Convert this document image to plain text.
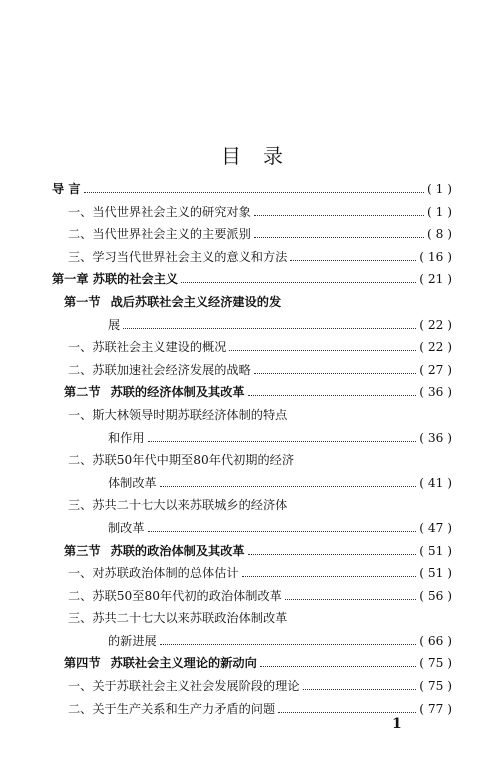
目录
导 言	( 1 )
一、当代世界社会主义的研究对象	( 1 )
二、当代世界社会主义的主要派别	( 8 )
三、学习当代世界社会主义的意义和方法	( 16 )
第一章 苏联的社会主义	( 21 )
第一节 战后苏联社会主义经济建设的发
展	( 22 )
一、苏联社会主义建设的概况	( 22 )
二、苏联加速社会经济发展的战略	( 27 )
第二节 苏联的经济体制及其改革	( 36 )
一、斯大林领导时期苏联经济体制的特点
和作用	( 36 )
二、苏联50年代中期至80年代初期的经济
体制改革	( 41 )
三、苏共二十七大以来苏联城乡的经济体
制改革	( 47 )
第三节 苏联的政治体制及其改革	( 51 )
一、对苏联政治体制的总体估计	( 51 )
二、苏联50至80年代初的政治体制改革	( 56 )
三、苏共二十七大以来苏联政治体制改革
的新进展	( 66 )
第四节 苏联社会主义理论的新动向	( 75 )
一、关于苏联社会主义社会发展阶段的理论	( 75 )
二、关于生产关系和生产力矛盾的问题	( 77 )
1
